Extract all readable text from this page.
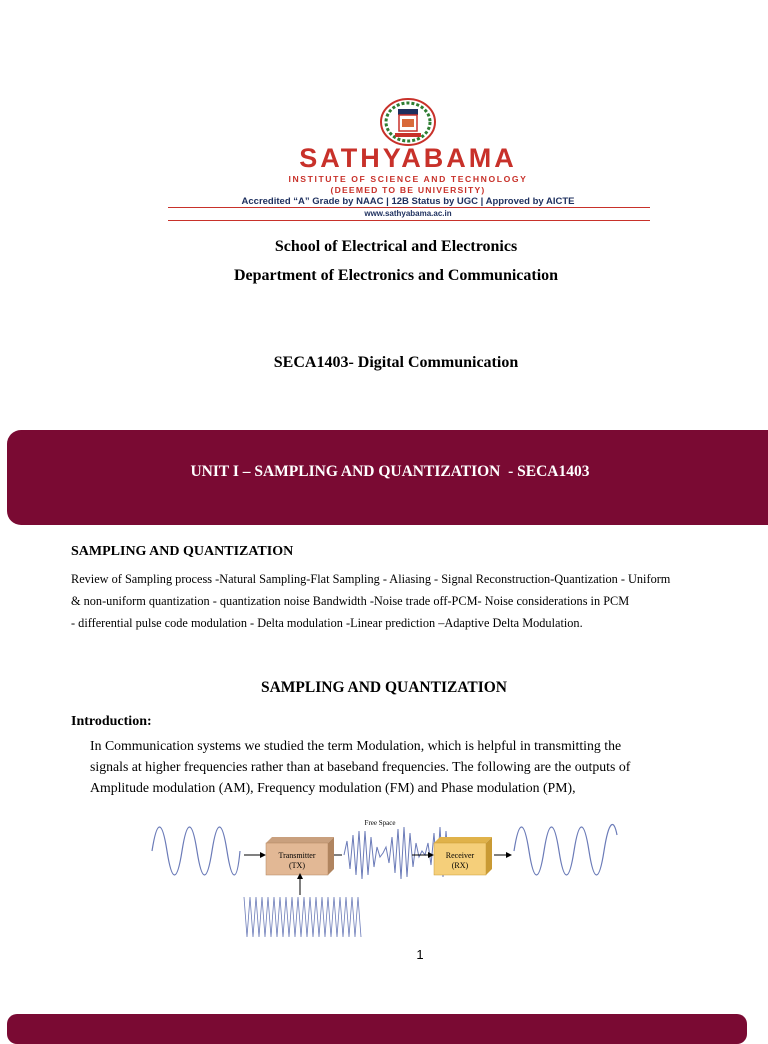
SATHYABAMA
INSTITUTE OF SCIENCE AND TECHNOLOGY
(DEEMED TO BE UNIVERSITY)
Accredited “A” Grade by NAAC | 12B Status by UGC | Approved by AICTE
www.sathyabama.ac.in
School of Electrical and Electronics
Department of Electronics and Communication
SECA1403- Digital Communication
UNIT I – SAMPLING AND QUANTIZATION  - SECA1403
SAMPLING AND QUANTIZATION
Review of Sampling process -Natural Sampling-Flat Sampling - Aliasing - Signal Reconstruction-Quantization - Uniform
& non-uniform quantization - quantization noise Bandwidth -Noise trade off-PCM- Noise considerations in PCM
- differential pulse code modulation - Delta modulation -Linear prediction –Adaptive Delta Modulation.
SAMPLING AND QUANTIZATION
Introduction:
In Communication systems we studied the term Modulation, which is helpful in transmitting the
signals at higher frequencies rather than at baseband frequencies. The following are the outputs of
Amplitude modulation (AM), Frequency modulation (FM) and Phase modulation (PM),
Transmitter
(TX)
Free Space
Receiver
(RX)
1
